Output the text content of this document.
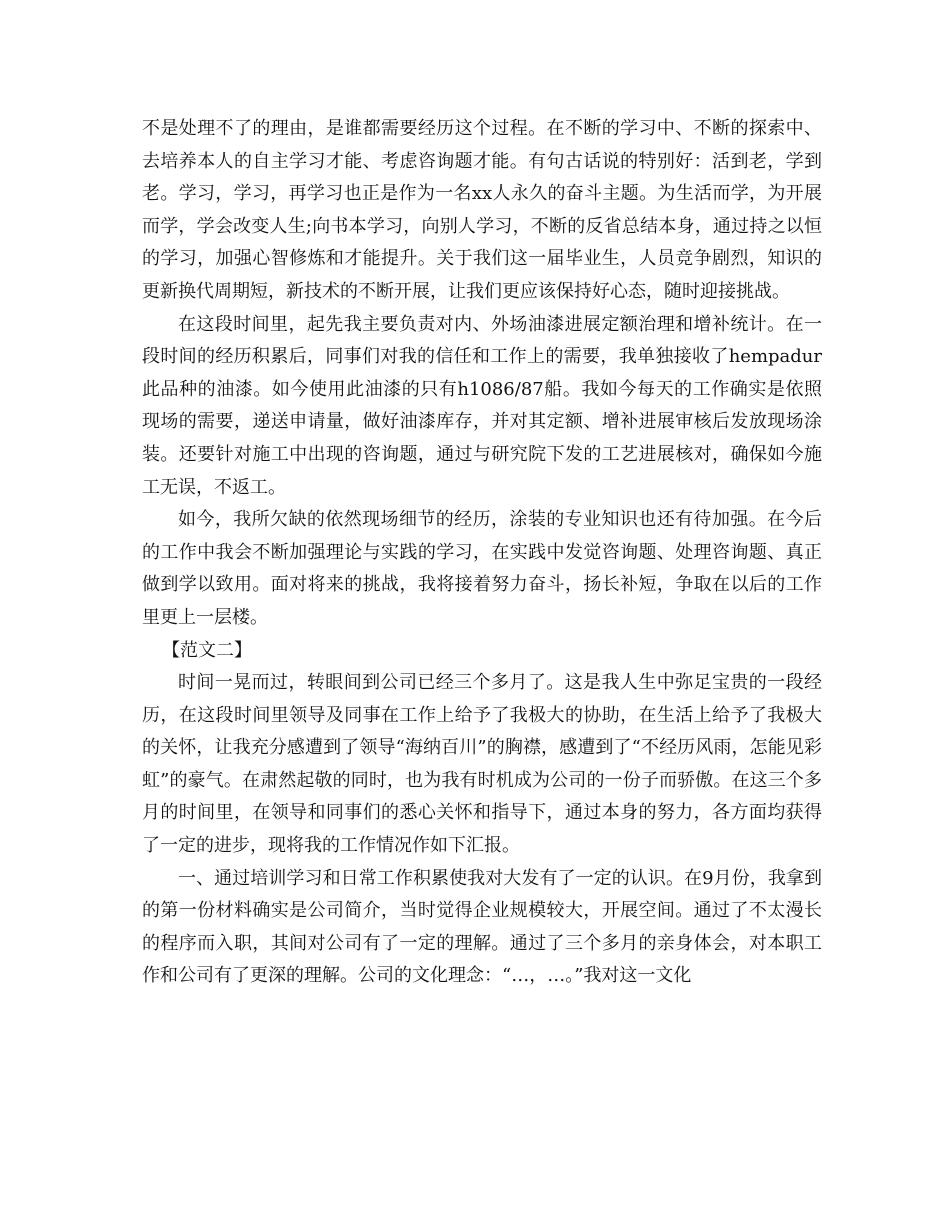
不是处理不了的理由，是谁都需要经历这个过程。在不断的学习中、不断的探索中、去培养本人的自主学习才能、考虑咨询题才能。有句古话说的特别好：活到老，学到老。学习，学习，再学习也正是作为一名xx人永久的奋斗主题。为生活而学，为开展而学，学会改变人生;向书本学习，向别人学习，不断的反省总结本身，通过持之以恒的学习，加强心智修炼和才能提升。关于我们这一届毕业生，人员竞争剧烈，知识的更新换代周期短，新技术的不断开展，让我们更应该保持好心态，随时迎接挑战。

在这段时间里，起先我主要负责对内、外场油漆进展定额治理和增补统计。在一段时间的经历积累后，同事们对我的信任和工作上的需要，我单独接收了hempadur此品种的油漆。如今使用此油漆的只有h1086/87船。我如今每天的工作确实是依照现场的需要，递送申请量，做好油漆库存，并对其定额、增补进展审核后发放现场涂装。还要针对施工中出现的咨询题，通过与研究院下发的工艺进展核对，确保如今施工无误，不返工。

如今，我所欠缺的依然现场细节的经历，涂装的专业知识也还有待加强。在今后的工作中我会不断加强理论与实践的学习，在实践中发觉咨询题、处理咨询题、真正做到学以致用。面对将来的挑战，我将接着努力奋斗，扬长补短，争取在以后的工作里更上一层楼。

【范文二】

时间一晃而过，转眼间到公司已经三个多月了。这是我人生中弥足宝贵的一段经历，在这段时间里领导及同事在工作上给予了我极大的协助，在生活上给予了我极大的关怀，让我充分感遭到了领导“海纳百川”的胸襟，感遭到了“不经历风雨，怎能见彩虹”的豪气。在肃然起敬的同时，也为我有时机成为公司的一份子而骄傲。在这三个多月的时间里，在领导和同事们的悉心关怀和指导下，通过本身的努力，各方面均获得了一定的进步，现将我的工作情况作如下汇报。

一、通过培训学习和日常工作积累使我对大发有了一定的认识。在9月份，我拿到的第一份材料确实是公司简介，当时觉得企业规模较大，开展空间。通过了不太漫长的程序而入职，其间对公司有了一定的理解。通过了三个多月的亲身体会，对本职工作和公司有了更深的理解。公司的文化理念：“…，…。”我对这一文化
